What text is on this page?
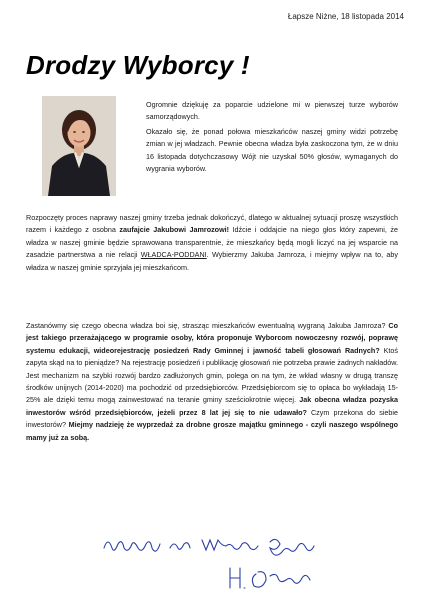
Łapsze Niżne, 18 listopada 2014
Drodzy Wyborcy !

Ogromnie dziękuję za poparcie udzielone mi w pierwszej turze wyborów samorządowych.

Okazało się, że ponad połowa mieszkańców naszej gminy widzi potrzebę zmian w jej władzach. Pewnie obecna władza była zaskoczona tym, że w dniu 16 listopada dotychczasowy Wójt nie uzyskał 50% głosów, wymaganych do wygrania wyborów.

Rozpoczęty proces naprawy naszej gminy trzeba jednak dokończyć, dlatego w aktualnej sytuacji proszę wszystkich razem i każdego z osobna zaufajcie Jakubowi Jamrozowi! Idźcie i oddajcie na niego głos który zapewni, że władza w naszej gminie będzie sprawowana transparentnie, że mieszkańcy będą mogli liczyć na jej wsparcie na zasadzie partnerstwa a nie relacji WŁADCA-PODDANI. Wybierzmy Jakuba Jamroza, i miejmy wpływ na to, aby władza w naszej gminie sprzyjała jej mieszkańcom.

Zastanówmy się czego obecna władza boi się, strasząc mieszkańców ewentualną wygraną Jakuba Jamroza? Co jest takiego przerażającego w programie osoby, która proponuje Wyborcom nowoczesny rozwój, poprawę systemu edukacji, wideorejestrację posiedzeń Rady Gminnej i jawność tabeli głosowań Radnych? Ktoś zapyta skąd na to pieniądze? Na rejestrację posiedzeń i publikację głosowań nie potrzeba prawie żadnych nakładów. Jest mechanizm na szybki rozwój bardzo zadłużonych gmin, polega on na tym, że wkład własny w drugą transzę środków unijnych (2014-2020) ma pochodzić od przedsiębiorców. Przedsiębiorcom się to opłaca bo wykładają 15-25% ale dzięki temu mogą zainwestować na teranie gminy sześciokrotnie więcej. Jak obecna władza pozyska inwestorów wśród przedsiębiorców, jeżeli przez 8 lat jej się to nie udawało? Czym przekona do siebie inwestorów? Miejmy nadzieję że wyprzedaż za drobne grosze majątku gminnego - czyli naszego wspólnego mamy już za sobą.
